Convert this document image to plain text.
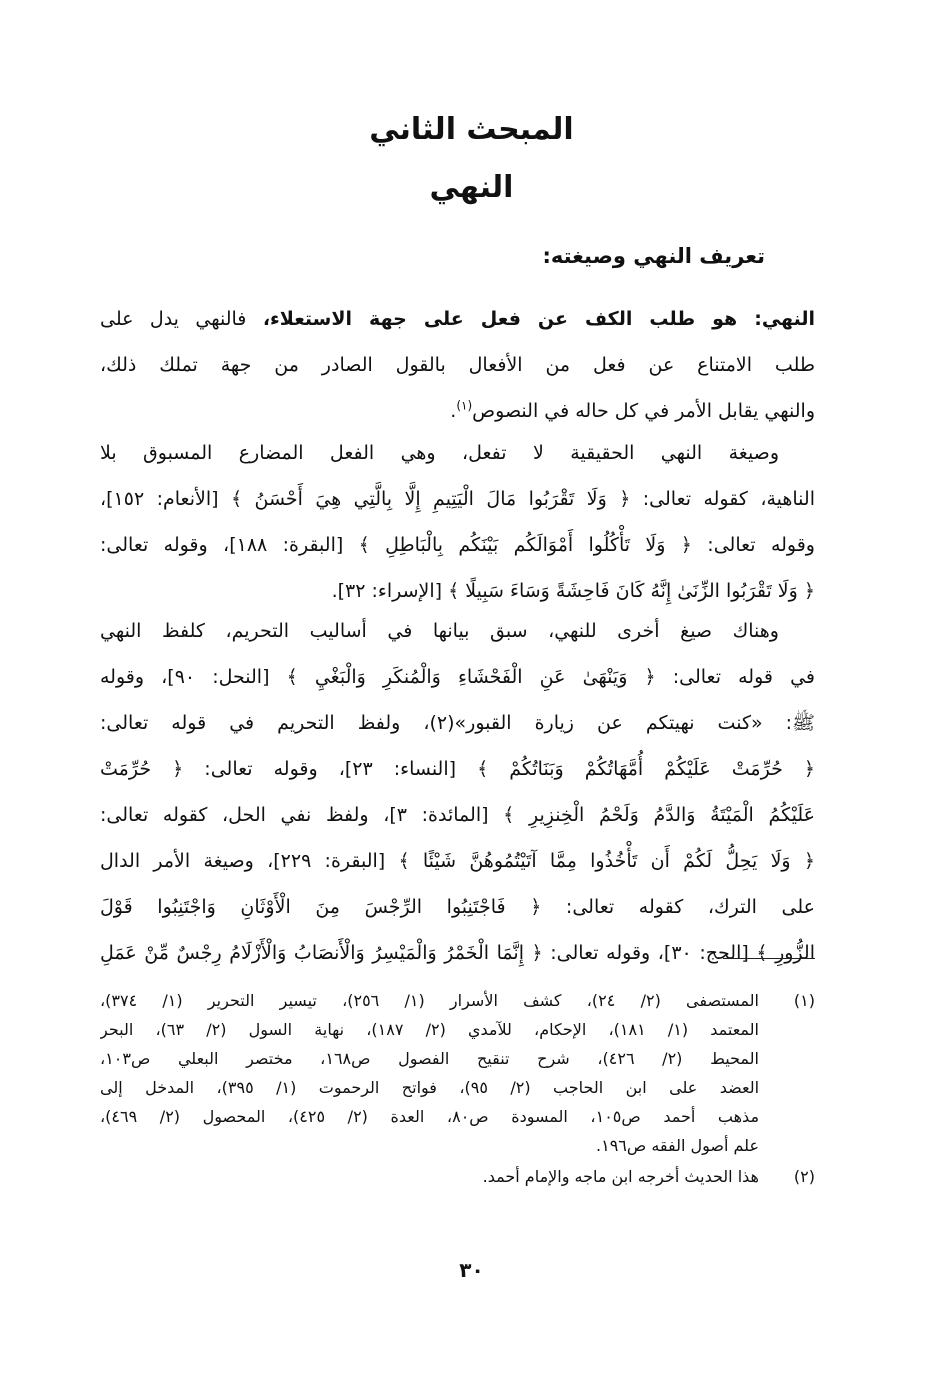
المبحث الثاني
النهي
تعريف النهي وصيغته:
النهي: هو طلب الكف عن فعل على جهة الاستعلاء، فالنهي يدل على
طلب الامتناع عن فعل من الأفعال بالقول الصادر من جهة تملك ذلك،
والنهي يقابل الأمر في كل حاله في النصوص$^{(١)}$.
وصيغة النهي الحقيقية لا تفعل، وهي الفعل المضارع المسبوق بلا
الناهية، كقوله تعالى: ﴿ وَلَا تَقْرَبُوا مَالَ الْيَتِيمِ إِلَّا بِالَّتِي هِيَ أَحْسَنُ ﴾ [الأنعام: ١٥٢]،
وقوله تعالى: ﴿ وَلَا تَأْكُلُوا أَمْوَالَكُم بَيْنَكُم بِالْبَاطِلِ ﴾ [البقرة: ١٨٨]، وقوله تعالى:
﴿ وَلَا تَقْرَبُوا الزِّنَىٰ إِنَّهُ كَانَ فَاحِشَةً وَسَاءَ سَبِيلًا ﴾ [الإسراء: ٣٢].
وهناك صيغ أخرى للنهي، سبق بيانها في أساليب التحريم، كلفظ النهي
في قوله تعالى: ﴿ وَيَنْهَىٰ عَنِ الْفَحْشَاءِ وَالْمُنكَرِ وَالْبَغْيِ ﴾ [النحل: ٩٠]، وقوله
ﷺ: «كنت نهيتكم عن زيارة القبور»(٢)، ولفظ التحريم في قوله تعالى:
﴿ حُرِّمَتْ عَلَيْكُمْ أُمَّهَاتُكُمْ وَبَنَاتُكُمْ ﴾ [النساء: ٢٣]، وقوله تعالى: ﴿ حُرِّمَتْ
عَلَيْكُمُ الْمَيْتَةُ وَالدَّمُ وَلَحْمُ الْخِنزِيرِ ﴾ [المائدة: ٣]، ولفظ نفي الحل، كقوله تعالى:
﴿ وَلَا يَحِلُّ لَكُمْ أَن تَأْخُذُوا مِمَّا آتَيْتُمُوهُنَّ شَيْئًا ﴾ [البقرة: ٢٢٩]، وصيغة الأمر الدال
على الترك، كقوله تعالى: ﴿ فَاجْتَنِبُوا الرِّجْسَ مِنَ الْأَوْثَانِ وَاجْتَنِبُوا قَوْلَ
الزُّورِ ﴾ [الحج: ٣٠]، وقوله تعالى: ﴿ إِنَّمَا الْخَمْرُ وَالْمَيْسِرُ وَالْأَنصَابُ وَالْأَزْلَامُ رِجْسٌ مِّنْ عَمَلِ
(١)
المستصفى (٢/ ٢٤)، كشف الأسرار (١/ ٢٥٦)، تيسير التحرير (١/ ٣٧٤)،
المعتمد (١/ ١٨١)، الإحكام، للآمدي (٢/ ١٨٧)، نهاية السول (٢/ ٦٣)، البحر
المحيط (٢/ ٤٢٦)، شرح تنقيح الفصول ص١٦٨، مختصر البعلي ص١٠٣،
العضد على ابن الحاجب (٢/ ٩٥)، فواتح الرحموت (١/ ٣٩٥)، المدخل إلى
مذهب أحمد ص١٠٥، المسودة ص٨٠، العدة (٢/ ٤٢٥)، المحصول (٢/ ٤٦٩)،
علم أصول الفقه ص١٩٦.
(٢)
هذا الحديث أخرجه ابن ماجه والإمام أحمد.
٣٠
